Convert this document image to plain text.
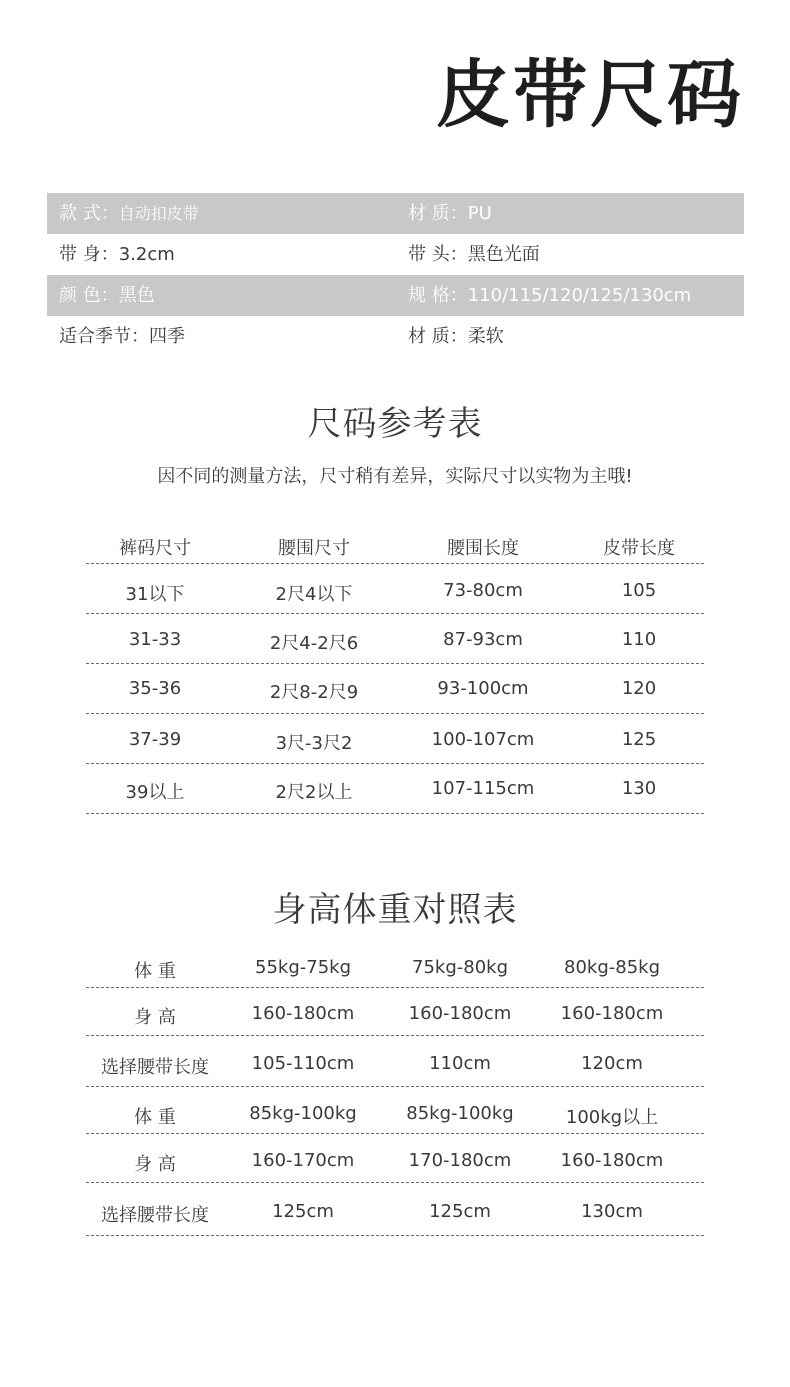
皮带尺码
款 式：自动扣皮带	材 质：PU
带 身：3.2cm	带 头：黑色光面
颜 色：黑色	规 格：110/115/120/125/130cm
适合季节：四季	材 质：柔软
尺码参考表
因不同的测量方法，尺寸稍有差异，实际尺寸以实物为主哦!
裤码尺寸	腰围尺寸	腰围长度	皮带长度
31以下	2尺4以下	73-80cm	105
31-33	2尺4-2尺6	87-93cm	110
35-36	2尺8-2尺9	93-100cm	120
37-39	3尺-3尺2	100-107cm	125
39以上	2尺2以上	107-115cm	130
身高体重对照表
体 重	55kg-75kg	75kg-80kg	80kg-85kg
身 高	160-180cm	160-180cm	160-180cm
选择腰带长度 105-110cm	110cm	120cm
体 重	85kg-100kg	85kg-100kg	100kg以上
身 高	160-170cm	170-180cm	160-180cm
选择腰带长度	125cm	125cm	130cm
